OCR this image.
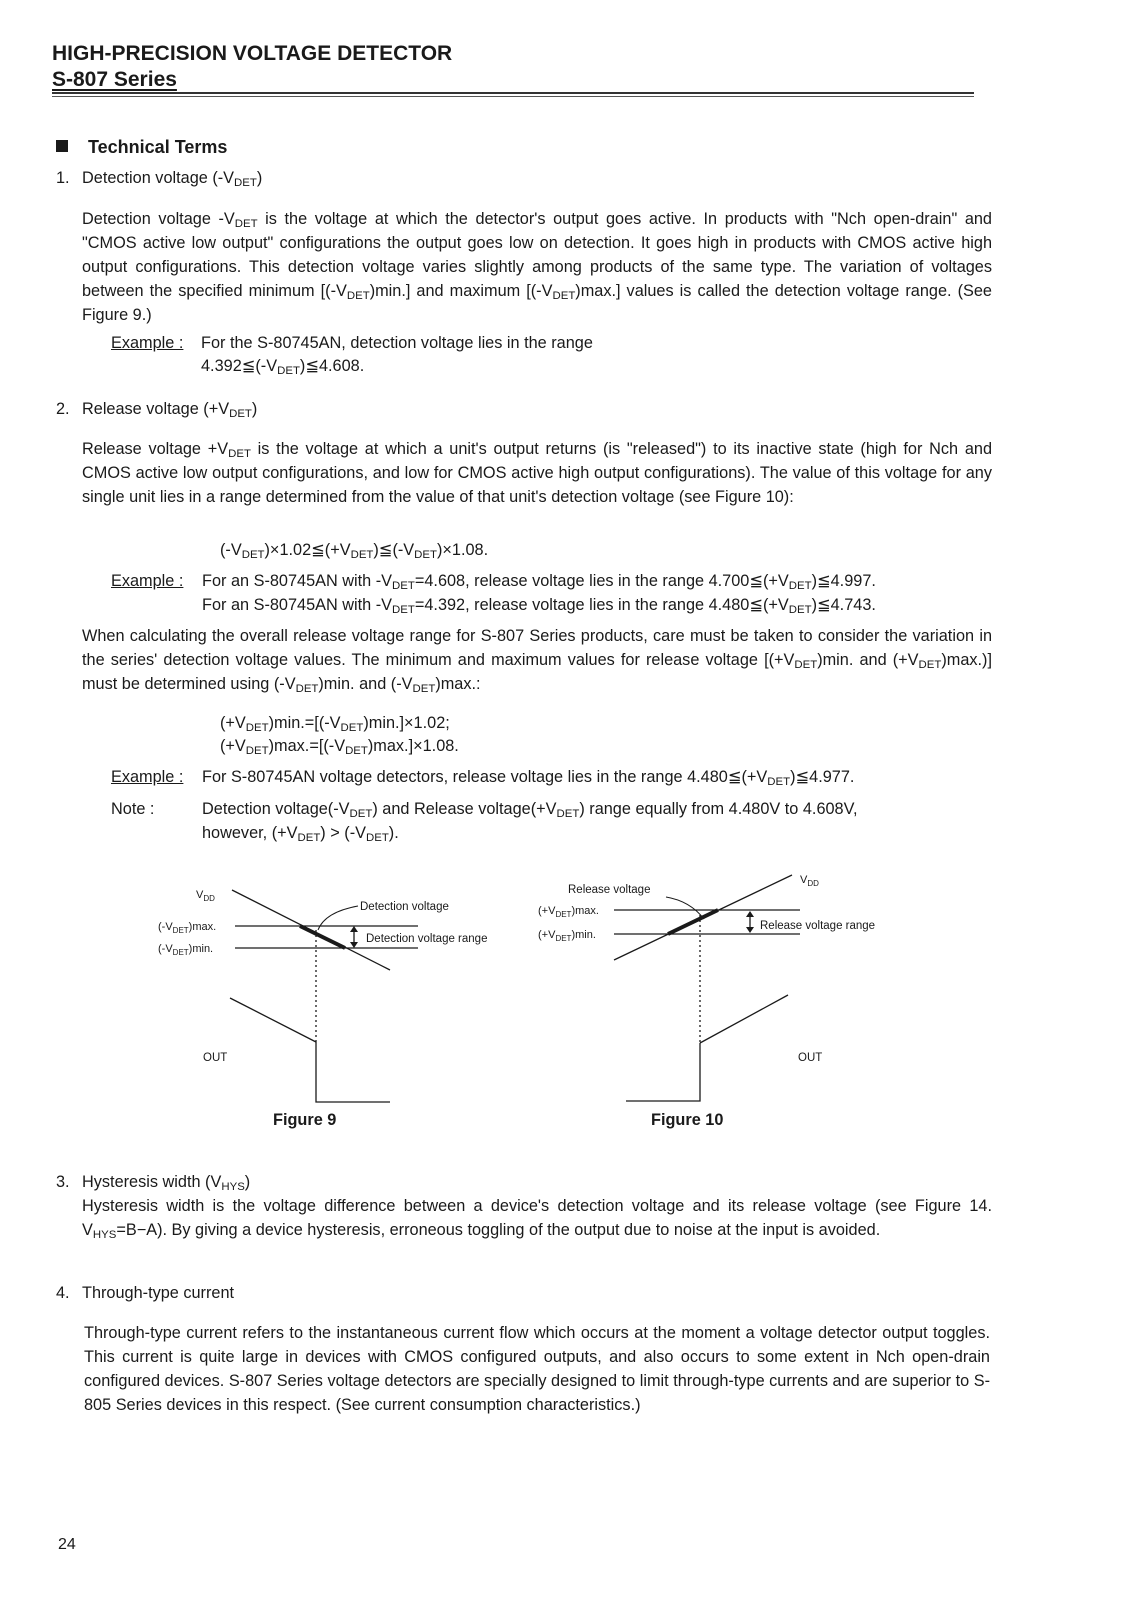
HIGH-PRECISION VOLTAGE DETECTOR
S-807 Series
Technical Terms
1. Detection voltage $(-V_{DET})$
Detection voltage $-V_{DET}$ is the voltage at which the detector's output goes active. In products with "Nch open-drain" and "CMOS active low output" configurations the output goes low on detection. It goes high in products with CMOS active high output configurations. This detection voltage varies slightly among products of the same type. The variation of voltages between the specified minimum $[(-V_{DET})\min.]$ and maximum $[(-V_{DET})\max.]$ values is called the detection voltage range. (See Figure 9.)
Example : For the S-80745AN, detection voltage lies in the range
$4.392≦(-V_{DET})≦4.608$.
2. Release voltage $(+V_{DET})$
Release voltage $+V_{DET}$ is the voltage at which a unit's output returns (is "released") to its inactive state (high for Nch and CMOS active low output configurations, and low for CMOS active high output configurations). The value of this voltage for any single unit lies in a range determined from the value of that unit's detection voltage (see Figure 10):
$(-V_{DET})\times 1.02≦(+V_{DET})≦(-V_{DET})\times 1.08$.
Example : For an S-80745AN with $-V_{DET}=4.608$, release voltage lies in the range $4.700≦(+V_{DET})≦4.997$.
For an S-80745AN with $-V_{DET}=4.392$, release voltage lies in the range $4.480≦(+V_{DET})≦4.743$.
When calculating the overall release voltage range for S-807 Series products, care must be taken to consider the variation in the series' detection voltage values. The minimum and maximum values for release voltage [$(+V_{DET})\min$. and $(+V_{DET})\max$.)] must be determined using $(-V_{DET})\min$. and $(-V_{DET})\max$.:
$(+V_{DET})\min.=[(-V_{DET})\min.]\times 1.02$;
$(+V_{DET})\max.=[(-V_{DET})\max.]\times 1.08$.
Example : For S-80745AN voltage detectors, release voltage lies in the range $4.480≦(+V_{DET})≦4.977$.
Note :	Detection $voltage(-V_{DET})$ and Release $voltage(+V_{DET})$ range equally from 4.480V to 4.608V,
however, $(+V_{DET}) > (-V_{DET})$.
$V_{DD}$
$(-V_{DET})\max$.
$(-V_{DET})\min$.
Detection voltage
Detection voltage range
OUT
Figure 9
Release voltage
$(+V_{DET})\max$.
$(+V_{DET})\min$.
$V_{DD}$
Release voltage range
OUT
Figure 10
3. Hysteresis width $(V_{HYS})$
Hysteresis width is the voltage difference between a device's detection voltage and its release voltage (see Figure 14. $V_{HYS}=B-A$). By giving a device hysteresis, erroneous toggling of the output due to noise at the input is avoided.
4. Through-type current
Through-type current refers to the instantaneous current flow which occurs at the moment a voltage detector output toggles. This current is quite large in devices with CMOS configured outputs, and also occurs to some extent in Nch open-drain configured devices. S-807 Series voltage detectors are specially designed to limit through-type currents and are superior to S-805 Series devices in this respect. (See current consumption characteristics.)
24
